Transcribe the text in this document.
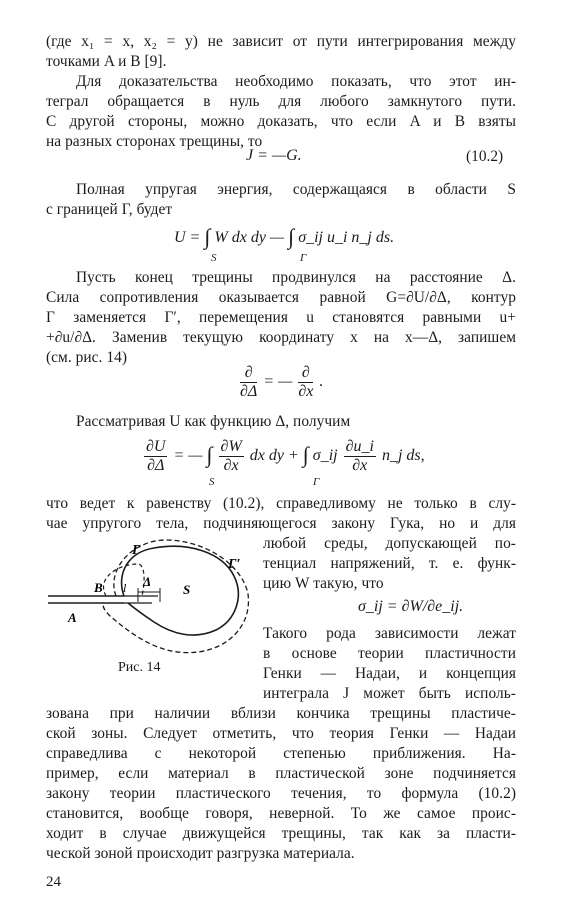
(где x₁ = x, x₂ = y) не зависит от пути интегрирования между
точками A и B [9].
Для доказательства необходимо показать, что этот ин-
теграл обращается в нуль для любого замкнутого пути.
С другой стороны, можно доказать, что если A и B взяты
на разных сторонах трещины, то
J = —G.	(10.2)
Полная упругая энергия, содержащаяся в области S
с границей Γ, будет
U = ∫ W dx dy — ∫ σ_ij u_i n_j ds.
S	Γ
Пусть конец трещины продвинулся на расстояние Δ.
Сила сопротивления оказывается равной G=∂U/∂Δ, контур
Γ заменяется Γ′, перемещения u становятся равными u+
+∂u/∂Δ. Заменив текущую координату x на x—Δ, запишем
(см. рис. 14)
$\frac{\partial}{\partial\Delta}$ = — $\frac{\partial}{\partial x}$ .
Рассматривая U как функцию Δ, получим
$\frac{\partial U}{\partial\Delta}$ = — ∫ $\frac{\partial W}{\partial x}$ dx dy + ∫ σ_ij $\frac{\partial u\_i}{\partial x}$ n_j ds,
S	Γ
что ведет к равенству (10.2), справедливому не только в слу-
чае упругого тела, подчиняющегося закону Гука, но и для
Γ
Γ′
B
A
Δ
S
l
Рис. 14
любой среды, допускающей по-
тенциал напряжений, т. е. функ-
цию W такую, что
σ_ij = ∂W/∂e_ij.
Такого рода зависимости лежат
в основе теории пластичности
Генки — Надаи, и концепция
интеграла J может быть исполь-
зована при наличии вблизи кончика трещины пластиче-
ской зоны. Следует отметить, что теория Генки — Надаи
справедлива с некоторой степенью приближения. На-
пример, если материал в пластической зоне подчиняется
закону теории пластического течения, то формула (10.2)
становится, вообще говоря, неверной. То же самое проис-
ходит в случае движущейся трещины, так как за пласти-
ческой зоной происходит разгрузка материала.
24
